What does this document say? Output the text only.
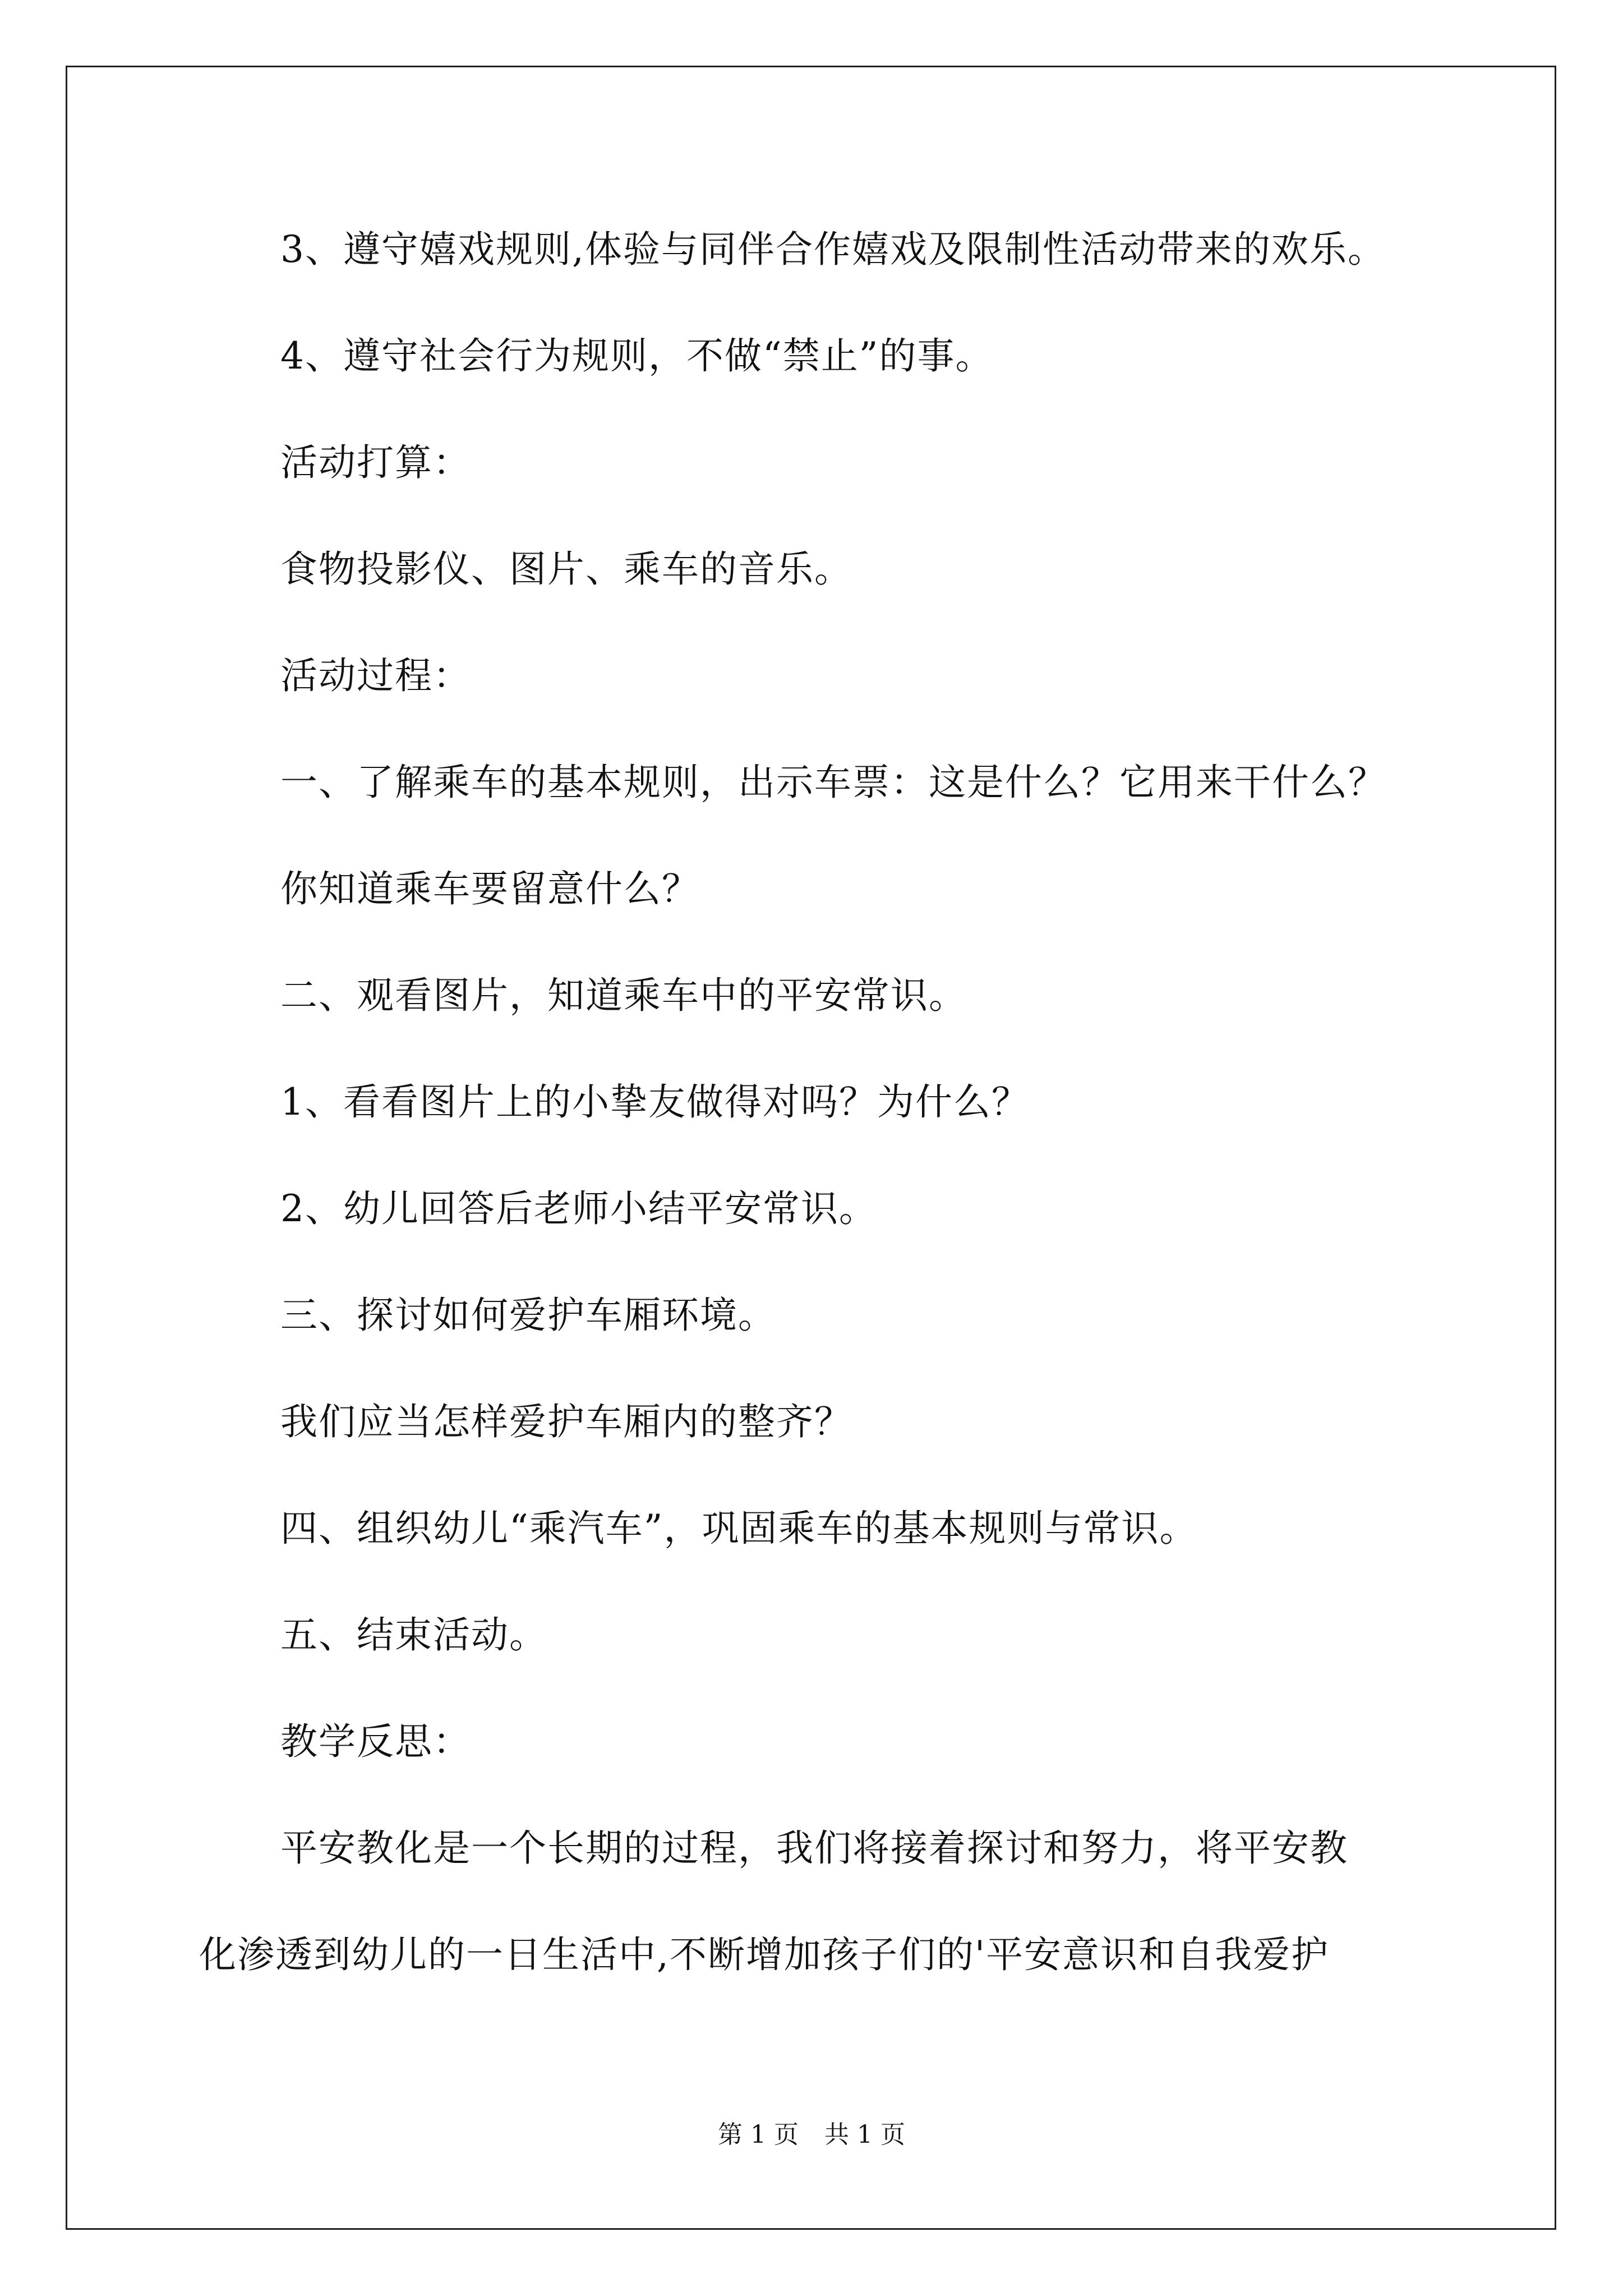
3、遵守嬉戏规则,体验与同伴合作嬉戏及限制性活动带来的欢乐。
4、遵守社会行为规则，不做“禁止”的事。
活动打算：
食物投影仪、图片、乘车的音乐。
活动过程：
一、了解乘车的基本规则，出示车票：这是什么？它用来干什么？
你知道乘车要留意什么？
二、观看图片，知道乘车中的平安常识。
1、看看图片上的小挚友做得对吗？为什么？
2、幼儿回答后老师小结平安常识。
三、探讨如何爱护车厢环境。
我们应当怎样爱护车厢内的整齐？
四、组织幼儿“乘汽车”，巩固乘车的基本规则与常识。
五、结束活动。
教学反思：
平安教化是一个长期的过程，我们将接着探讨和努力，将平安教
化渗透到幼儿的一日生活中,不断增加孩子们的'平安意识和自我爱护
第 1 页 共 1 页
